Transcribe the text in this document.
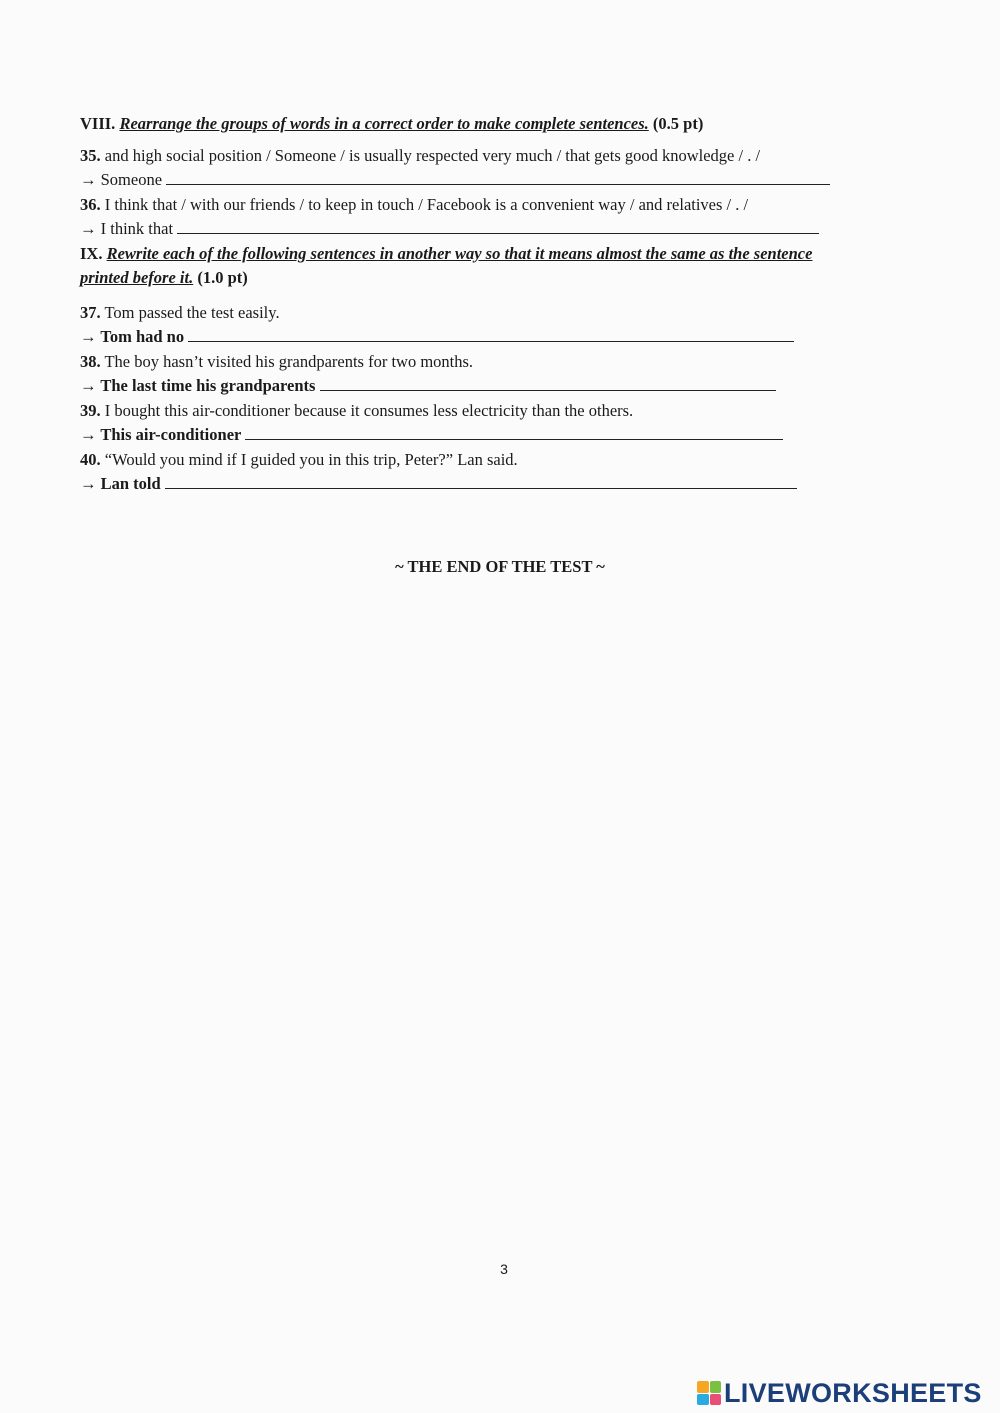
VIII. Rearrange the groups of words in a correct order to make complete sentences. (0.5 pt)
35. and high social position / Someone / is usually respected very much / that gets good knowledge / . /
→ Someone
36. I think that / with our friends / to keep in touch / Facebook is a convenient way / and relatives / . /
→ I think that
IX. Rewrite each of the following sentences in another way so that it means almost the same as the sentence
printed before it. (1.0 pt)
37. Tom passed the test easily.
→ Tom had no
38. The boy hasn’t visited his grandparents for two months.
→ The last time his grandparents
39. I bought this air-conditioner because it consumes less electricity than the others.
→ This air-conditioner
40. “Would you mind if I guided you in this trip, Peter?” Lan said.
→ Lan told
~ THE END OF THE TEST ~
3
LIVEWORKSHEETS
